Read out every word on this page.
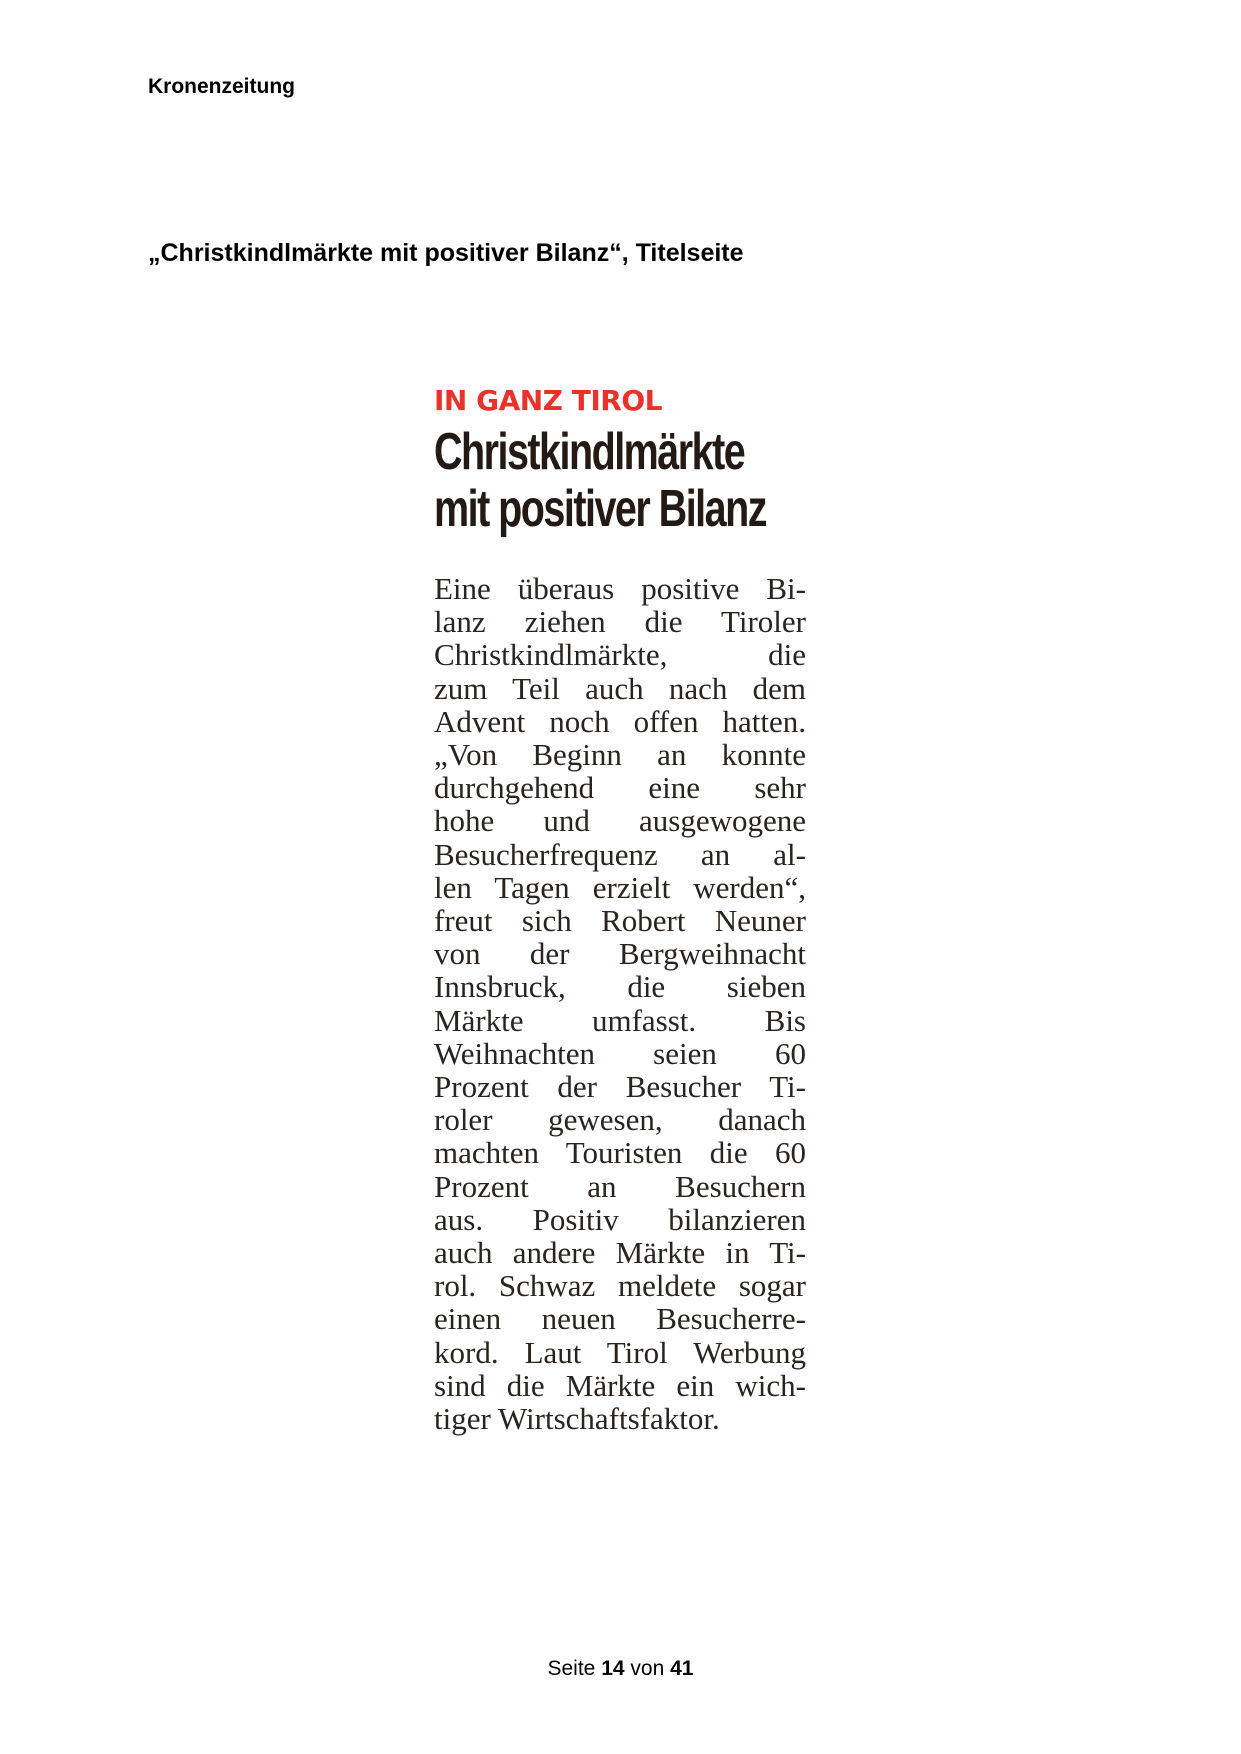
Kronenzeitung
„Christkindlmärkte mit positiver Bilanz“, Titelseite
IN GANZ TIROL
Christkindlmärkte
mit positiver Bilanz
Eine überaus positive Bi-
lanz ziehen die Tiroler
Christkindlmärkte, die
zum Teil auch nach dem
Advent noch offen hatten.
„Von Beginn an konnte
durchgehend eine sehr
hohe und ausgewogene
Besucherfrequenz an al-
len Tagen erzielt werden“,
freut sich Robert Neuner
von der Bergweihnacht
Innsbruck, die sieben
Märkte umfasst. Bis
Weihnachten seien 60
Prozent der Besucher Ti-
roler gewesen, danach
machten Touristen die 60
Prozent an Besuchern
aus. Positiv bilanzieren
auch andere Märkte in Ti-
rol. Schwaz meldete sogar
einen neuen Besucherre-
kord. Laut Tirol Werbung
sind die Märkte ein wich-
tiger Wirtschaftsfaktor.
Seite 14 von 41
